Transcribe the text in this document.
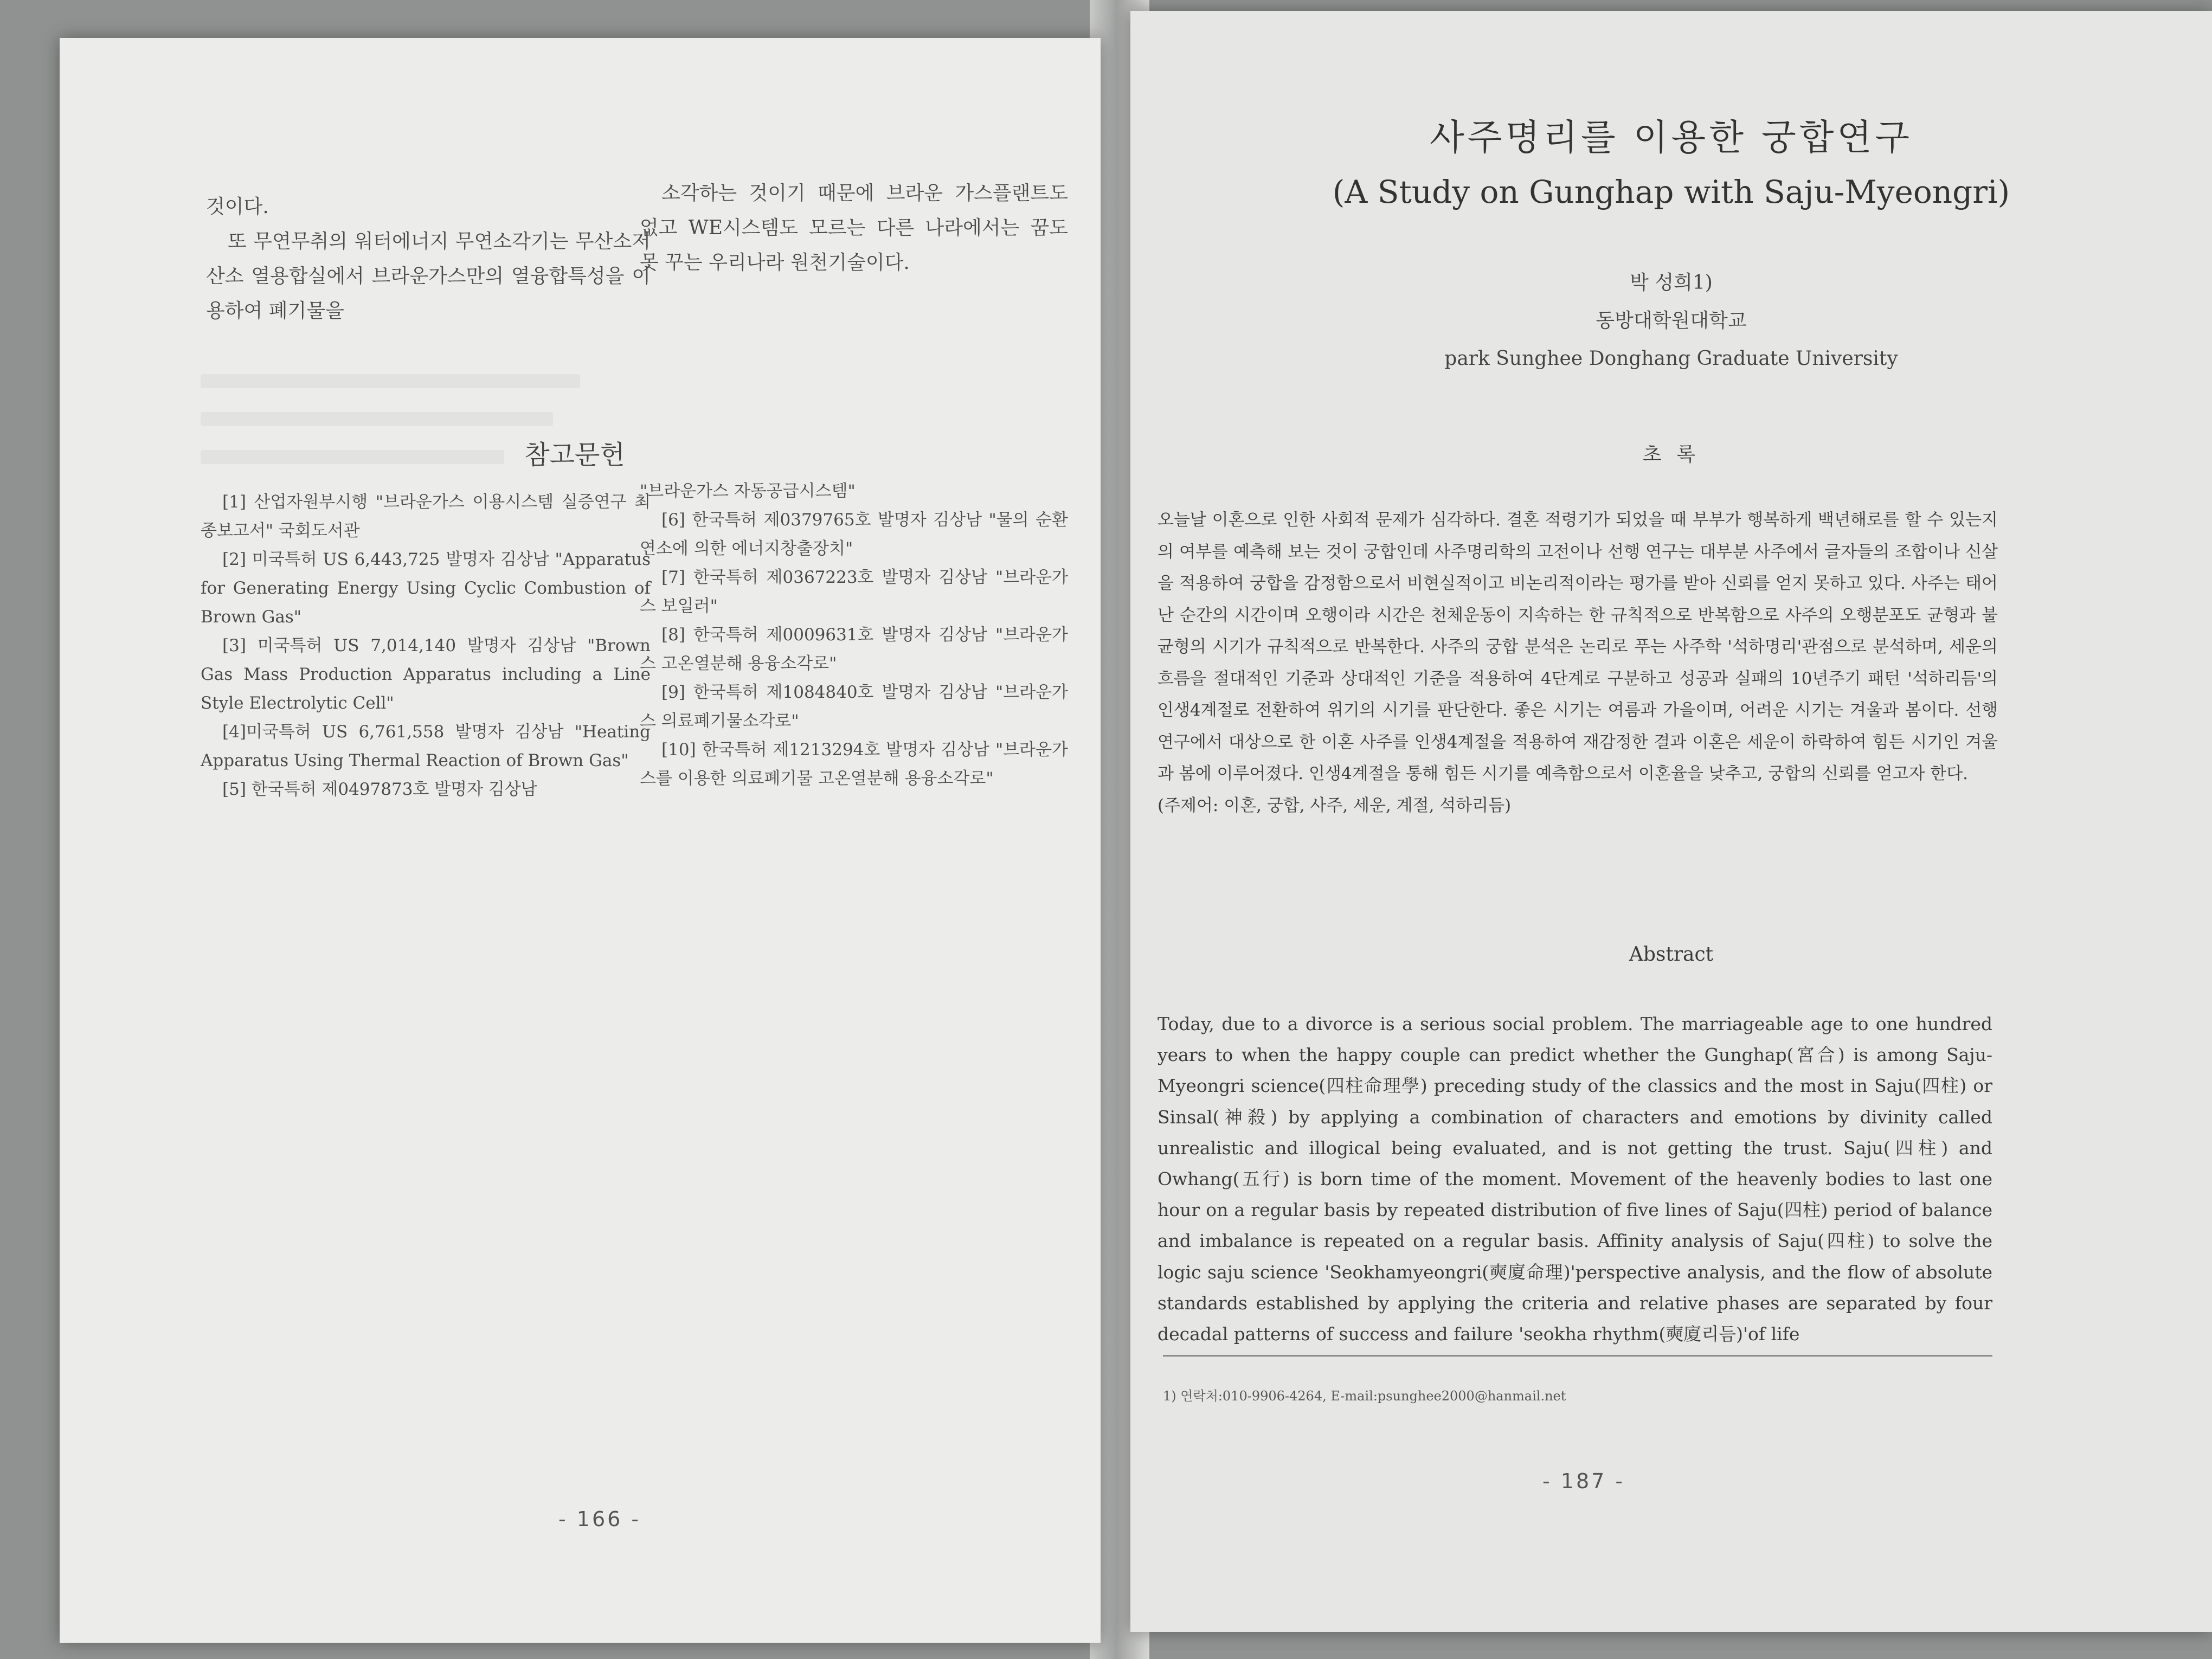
것이다.

또 무연무취의 워터에너지 무연소각기는 무산소저산소 열용합실에서 브라운가스만의 열융합특성을 이용하여 폐기물을

소각하는 것이기 때문에 브라운 가스플랜트도 없고 WE시스템도 모르는 다른 나라에서는 꿈도 못 꾸는 우리나라 원천기술이다.

참고문헌

[1] 산업자원부시행 "브라운가스 이용시스템 실증연구 최종보고서" 국회도서관

[2] 미국특허 US 6,443,725 발명자 김상남 "Apparatus for Generating Energy Using Cyclic Combustion of Brown Gas"

[3] 미국특허 US 7,014,140 발명자 김상남 "Brown Gas Mass Production Apparatus including a Line Style Electrolytic Cell"

[4]미국특허 US 6,761,558 발명자 김상남 "Heating Apparatus Using Thermal Reaction of Brown Gas"

[5] 한국특허 제0497873호 발명자 김상남

"브라운가스 자동공급시스템"

[6] 한국특허 제0379765호 발명자 김상남 "물의 순환연소에 의한 에너지창출장치"

[7] 한국특허 제0367223호 발명자 김상남 "브라운가스 보일러"

[8] 한국특허 제0009631호 발명자 김상남 "브라운가스 고온열분해 용융소각로"

[9] 한국특허 제1084840호 발명자 김상남 "브라운가스 의료폐기물소각로"

[10] 한국특허 제1213294호 발명자 김상남 "브라운가스를 이용한 의료폐기물 고온열분해 용융소각로"

- 166 -
사주명리를 이용한 궁합연구
(A Study on Gunghap with Saju-Myeongri)
박 성희1)
동방대학원대학교
park Sunghee Donghang Graduate University
초 록

오늘날 이혼으로 인한 사회적 문제가 심각하다. 결혼 적령기가 되었을 때 부부가 행복하게 백년해로를 할 수 있는지의 여부를 예측해 보는 것이 궁합인데 사주명리학의 고전이나 선행 연구는 대부분 사주에서 글자들의 조합이나 신살을 적용하여 궁합을 감정함으로서 비현실적이고 비논리적이라는 평가를 받아 신뢰를 얻지 못하고 있다. 사주는 태어난 순간의 시간이며 오행이라 시간은 천체운동이 지속하는 한 규칙적으로 반복함으로 사주의 오행분포도 균형과 불균형의 시기가 규칙적으로 반복한다. 사주의 궁합 분석은 논리로 푸는 사주학 '석하명리'관점으로 분석하며, 세운의 흐름을 절대적인 기준과 상대적인 기준을 적용하여 4단계로 구분하고 성공과 실패의 10년주기 패턴 '석하리듬'의 인생4계절로 전환하여 위기의 시기를 판단한다. 좋은 시기는 여름과 가을이며, 어려운 시기는 겨울과 봄이다. 선행 연구에서 대상으로 한 이혼 사주를 인생4계절을 적용하여 재감정한 결과 이혼은 세운이 하락하여 힘든 시기인 겨울과 봄에 이루어졌다. 인생4계절을 통해 힘든 시기를 예측함으로서 이혼율을 낮추고, 궁합의 신뢰를 얻고자 한다.

(주제어: 이혼, 궁합, 사주, 세운, 계절, 석하리듬)

Abstract

Today, due to a divorce is a serious social problem. The marriageable age to one hundred years to when the happy couple can predict whether the Gunghap(宮合) is among Saju-Myeongri science(四柱命理學) preceding study of the classics and the most in Saju(四柱) or Sinsal(神殺) by applying a combination of characters and emotions by divinity called unrealistic and illogical being evaluated, and is not getting the trust. Saju(四柱) and Owhang(五行) is born time of the moment. Movement of the heavenly bodies to last one hour on a regular basis by repeated distribution of five lines of Saju(四柱) period of balance and imbalance is repeated on a regular basis. Affinity analysis of Saju(四柱) to solve the logic saju science 'Seokhamyeongri(奭廈命理)'perspective analysis, and the flow of absolute standards established by applying the criteria and relative phases are separated by four decadal patterns of success and failure 'seokha rhythm(奭廈리듬)'of life

1) 연락처:010-9906-4264, E-mail:psunghee2000@hanmail.net
- 187 -
